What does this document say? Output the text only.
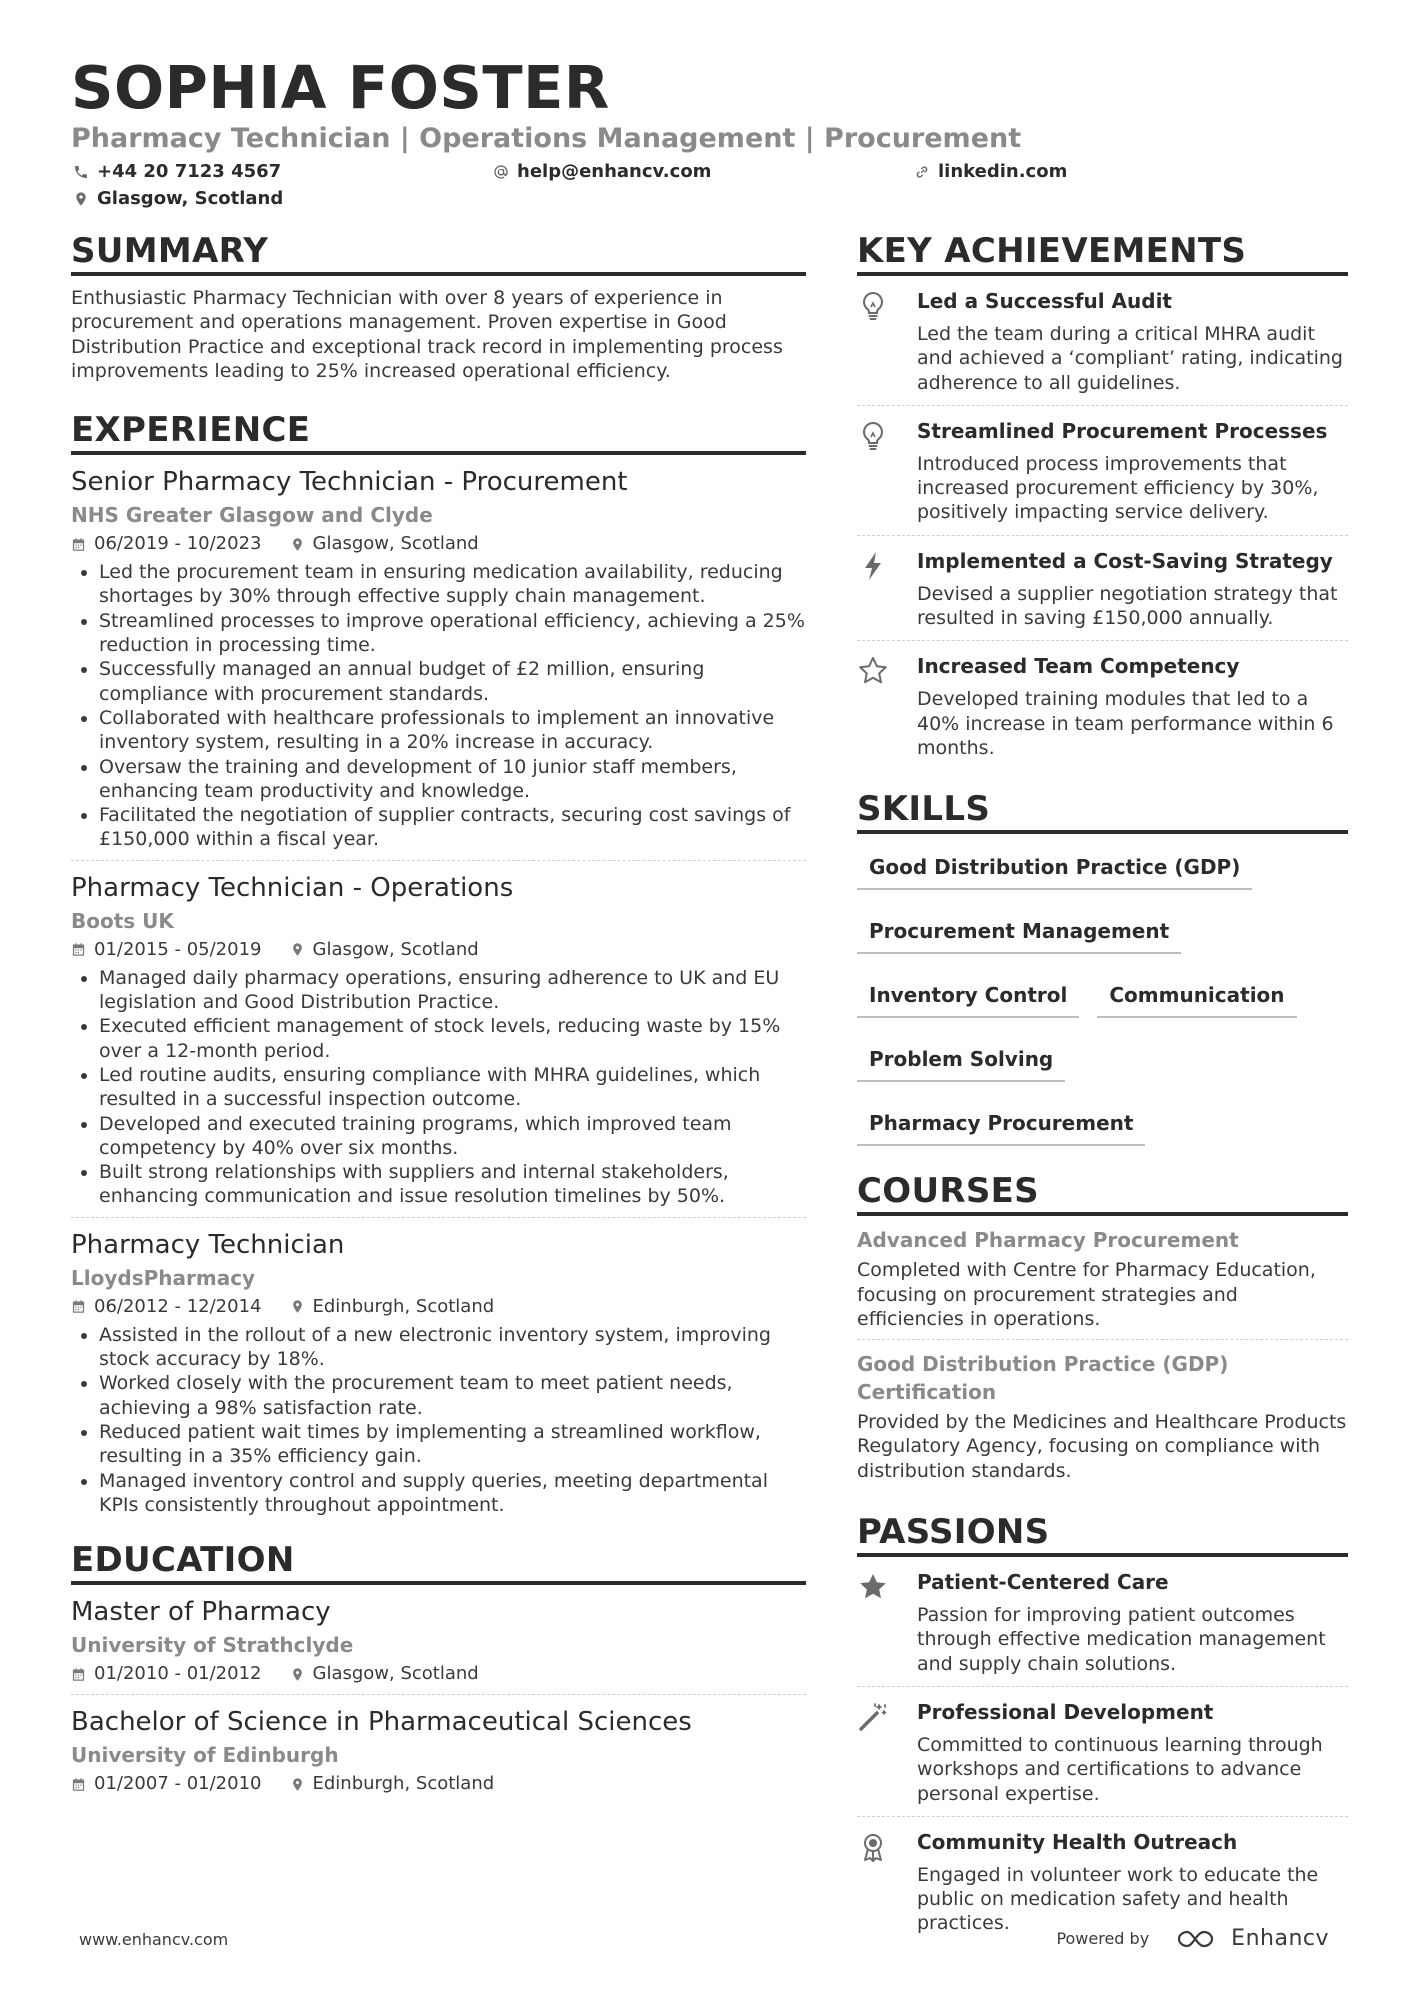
SOPHIA FOSTER
Pharmacy Technician | Operations Management | Procurement
+44 20 7123 4567	help@enhancv.com	linkedin.com
Glasgow, Scotland
SUMMARY

Enthusiastic Pharmacy Technician with over 8 years of experience in procurement and operations management. Proven expertise in Good Distribution Practice and exceptional track record in implementing process improvements leading to 25% increased operational efficiency.

EXPERIENCE
Senior Pharmacy Technician - Procurement
NHS Greater Glasgow and Clyde
06/2019 - 10/2023	Glasgow, Scotland
• Led the procurement team in ensuring medication availability, reducing shortages by 30% through effective supply chain management.
• Streamlined processes to improve operational efficiency, achieving a 25% reduction in processing time.
• Successfully managed an annual budget of £2 million, ensuring compliance with procurement standards.
• Collaborated with healthcare professionals to implement an innovative inventory system, resulting in a 20% increase in accuracy.
• Oversaw the training and development of 10 junior staff members, enhancing team productivity and knowledge.
• Facilitated the negotiation of supplier contracts, securing cost savings of £150,000 within a fiscal year.
Pharmacy Technician - Operations
Boots UK
01/2015 - 05/2019	Glasgow, Scotland
• Managed daily pharmacy operations, ensuring adherence to UK and EU legislation and Good Distribution Practice.
• Executed efficient management of stock levels, reducing waste by 15% over a 12-month period.
• Led routine audits, ensuring compliance with MHRA guidelines, which resulted in a successful inspection outcome.
• Developed and executed training programs, which improved team competency by 40% over six months.
• Built strong relationships with suppliers and internal stakeholders, enhancing communication and issue resolution timelines by 50%.
Pharmacy Technician
LloydsPharmacy
06/2012 - 12/2014	Edinburgh, Scotland
• Assisted in the rollout of a new electronic inventory system, improving stock accuracy by 18%.
• Worked closely with the procurement team to meet patient needs, achieving a 98% satisfaction rate.
• Reduced patient wait times by implementing a streamlined workflow, resulting in a 35% efficiency gain.
• Managed inventory control and supply queries, meeting departmental KPIs consistently throughout appointment.
EDUCATION
Master of Pharmacy
University of Strathclyde
01/2010 - 01/2012	Glasgow, Scotland
Bachelor of Science in Pharmaceutical Sciences
University of Edinburgh
01/2007 - 01/2010	Edinburgh, Scotland
KEY ACHIEVEMENTS
Led a Successful Audit
Led the team during a critical MHRA audit and achieved a ‘compliant’ rating, indicating adherence to all guidelines.
Streamlined Procurement Processes
Introduced process improvements that increased procurement efficiency by 30%, positively impacting service delivery.
Implemented a Cost-Saving Strategy
Devised a supplier negotiation strategy that resulted in saving £150,000 annually.
Increased Team Competency
Developed training modules that led to a 40% increase in team performance within 6 months.
SKILLS
Good Distribution Practice (GDP)
Procurement Management
Inventory Control	Communication
Problem Solving
Pharmacy Procurement
COURSES
Advanced Pharmacy Procurement
Completed with Centre for Pharmacy Education, focusing on procurement strategies and efficiencies in operations.
Good Distribution Practice (GDP) Certification
Provided by the Medicines and Healthcare Products Regulatory Agency, focusing on compliance with distribution standards.
PASSIONS
Patient-Centered Care
Passion for improving patient outcomes through effective medication management and supply chain solutions.
Professional Development
Committed to continuous learning through workshops and certifications to advance personal expertise.
Community Health Outreach
Engaged in volunteer work to educate the public on medication safety and health practices.
www.enhancv.com	Powered by	Enhancv
